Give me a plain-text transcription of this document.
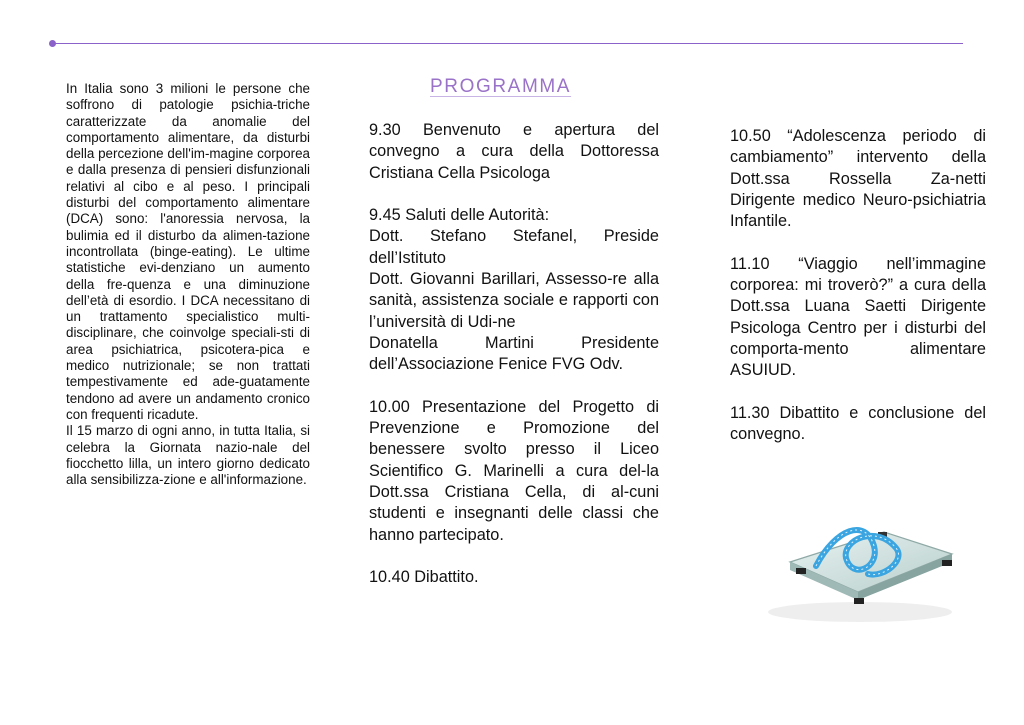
In Italia sono 3 milioni le persone che soffrono di patologie psichia-triche caratterizzate da anomalie del comportamento alimentare, da disturbi della percezione dell'im-magine corporea e dalla presenza di pensieri disfunzionali relativi al cibo e al peso. I principali disturbi del comportamento alimentare (DCA) sono: l'anoressia nervosa, la bulimia ed il disturbo da alimen-tazione incontrollata (binge-eating). Le ultime statistiche evi-denziano un aumento della fre-quenza e una diminuzione dell’età di esordio. I DCA necessitano di un trattamento specialistico multi-disciplinare, che coinvolge speciali-sti di area psichiatrica, psicotera-pica e medico nutrizionale; se non trattati tempestivamente ed ade-guatamente tendono ad avere un andamento cronico con frequenti ricadute.

Il 15 marzo di ogni anno, in tutta Italia, si celebra la Giornata nazio-nale del fiocchetto lilla, un intero giorno dedicato alla sensibilizza-zione e all'informazione.

PROGRAMMA

9.30 Benvenuto e apertura del convegno a cura della Dottoressa Cristiana Cella Psicologa

9.45 Saluti delle Autorità:
Dott. Stefano Stefanel, Preside dell’Istituto
Dott. Giovanni Barillari, Assesso-re alla sanità, assistenza sociale e rapporti con l’università di Udi-ne
Donatella Martini Presidente dell’Associazione Fenice FVG Odv.

10.00 Presentazione del Progetto di Prevenzione e Promozione del benessere svolto presso il Liceo Scientifico G. Marinelli a cura del-la Dott.ssa Cristiana Cella, di al-cuni studenti e insegnanti delle classi che hanno partecipato.

10.40 Dibattito.

10.50 “Adolescenza periodo di cambiamento” intervento della Dott.ssa Rossella Za-netti Dirigente medico Neuro-psichiatria Infantile.

11.10 “Viaggio nell’immagine corporea: mi troverò?” a cura della Dott.ssa Luana Saetti Dirigente Psicologa Centro per i disturbi del comporta-mento alimentare ASUIUD.

11.30 Dibattito e conclusione del convegno.
